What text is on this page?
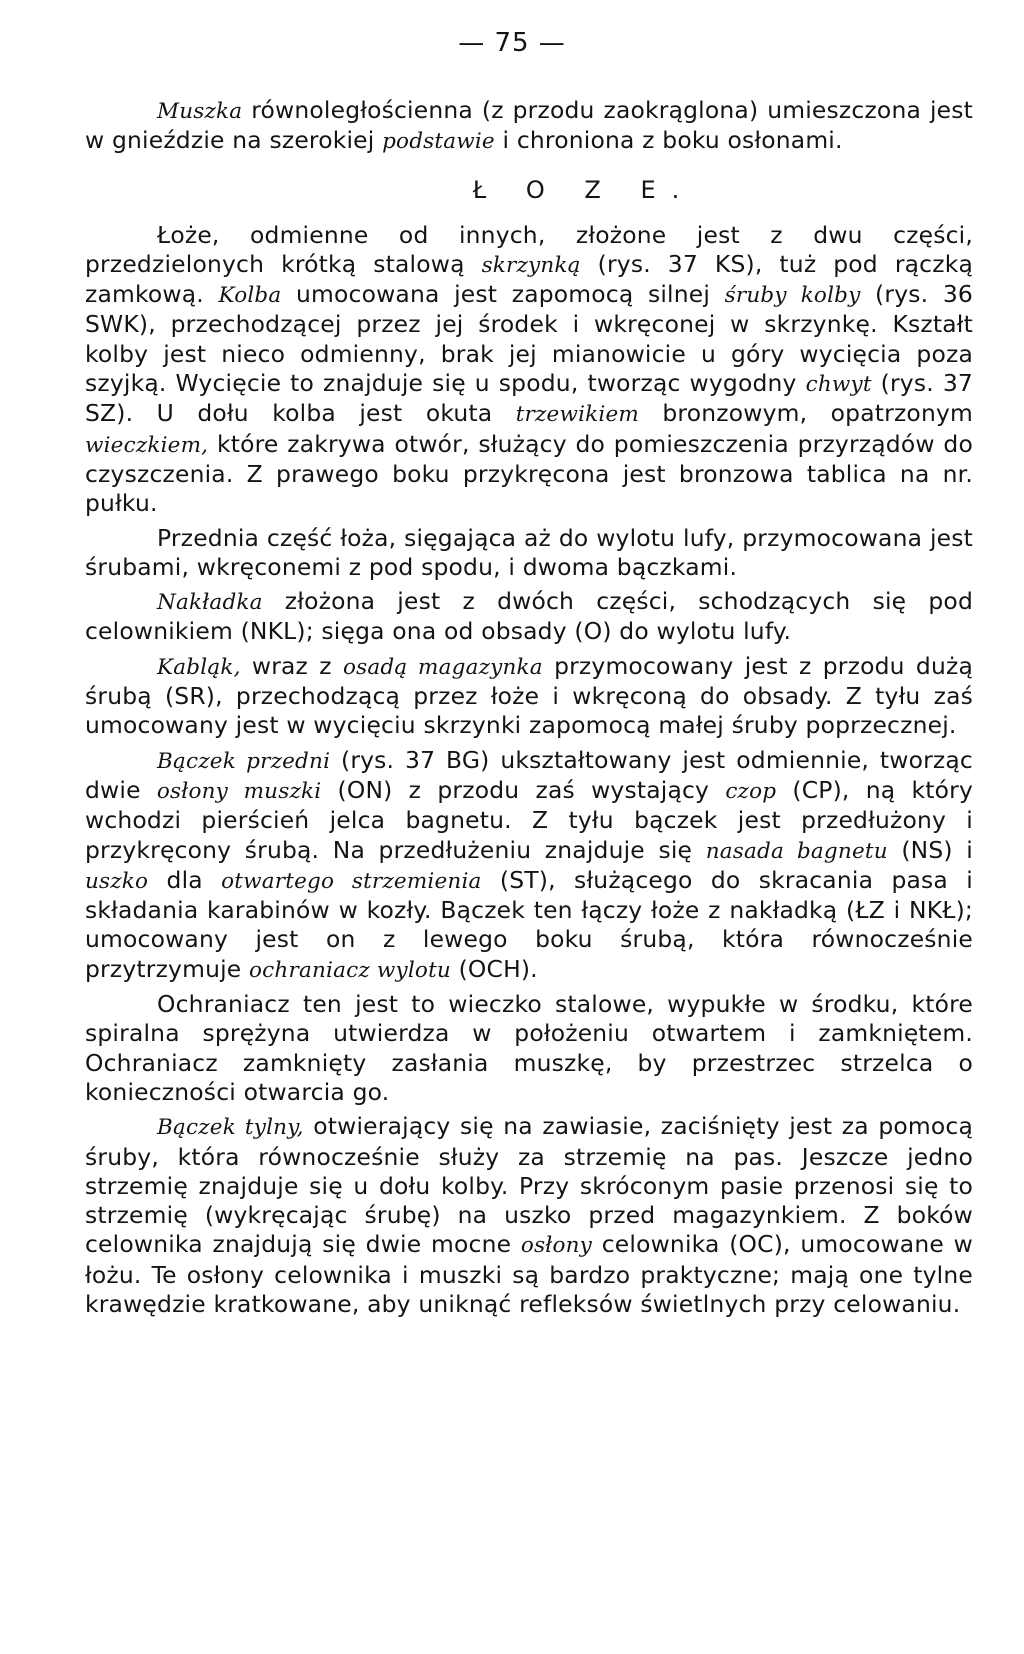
— 75 —

Muszka równoległościenna (z przodu zaokrąglona) umieszczona jest w gnieździe na szerokiej podstawie i chroniona z boku osłonami.

Ł O Z E.

Łoże, odmienne od innych, złożone jest z dwu części, przedzielonych krótką stalową skrzynką (rys. 37 KS), tuż pod rączką zamkową. Kolba umocowana jest zapomocą silnej śruby kolby (rys. 36 SWK), przechodzącej przez jej środek i wkręconej w skrzynkę. Kształt kolby jest nieco odmienny, brak jej mianowicie u góry wycięcia poza szyjką. Wycięcie to znajduje się u spodu, tworząc wygodny chwyt (rys. 37 SZ). U dołu kolba jest okuta trzewikiem bronzowym, opatrzonym wieczkiem, które zakrywa otwór, służący do pomieszczenia przyrządów do czyszczenia. Z prawego boku przykręcona jest bronzowa tablica na nr. pułku.

Przednia część łoża, sięgająca aż do wylotu lufy, przymocowana jest śrubami, wkręconemi z pod spodu, i dwoma bączkami.

Nakładka złożona jest z dwóch części, schodzących się pod celownikiem (NKL); sięga ona od obsady (O) do wylotu lufy.

Kabląk, wraz z osadą magazynka przymocowany jest z przodu dużą śrubą (SR), przechodzącą przez łoże i wkręconą do obsady. Z tyłu zaś umocowany jest w wycięciu skrzynki zapomocą małej śruby poprzecznej.

Bączek przedni (rys. 37 BG) ukształtowany jest odmiennie, tworząc dwie osłony muszki (ON) z przodu zaś wystający czop (CP), ną który wchodzi pierścień jelca bagnetu. Z tyłu bączek jest przedłużony i przykręcony śrubą. Na przedłużeniu znajduje się nasada bagnetu (NS) i uszko dla otwartego strzemienia (ST), służącego do skracania pasa i składania karabinów w kozły. Bączek ten łączy łoże z nakładką (ŁZ i NKŁ); umocowany jest on z lewego boku śrubą, która równocześnie przytrzymuje ochraniacz wylotu (OCH).

Ochraniacz ten jest to wieczko stalowe, wypukłe w środku, które spiralna sprężyna utwierdza w położeniu otwartem i zamkniętem. Ochraniacz zamknięty zasłania muszkę, by przestrzec strzelca o konieczności otwarcia go.

Bączek tylny, otwierający się na zawiasie, zaciśnięty jest za pomocą śruby, która równocześnie służy za strzemię na pas. Jeszcze jedno strzemię znajduje się u dołu kolby. Przy skróconym pasie przenosi się to strzemię (wykręcając śrubę) na uszko przed magazynkiem. Z boków celownika znajdują się dwie mocne osłony celownika (OC), umocowane w łożu. Te osłony celownika i muszki są bardzo praktyczne; mają one tylne krawędzie kratkowane, aby uniknąć refleksów świetlnych przy celowaniu.
